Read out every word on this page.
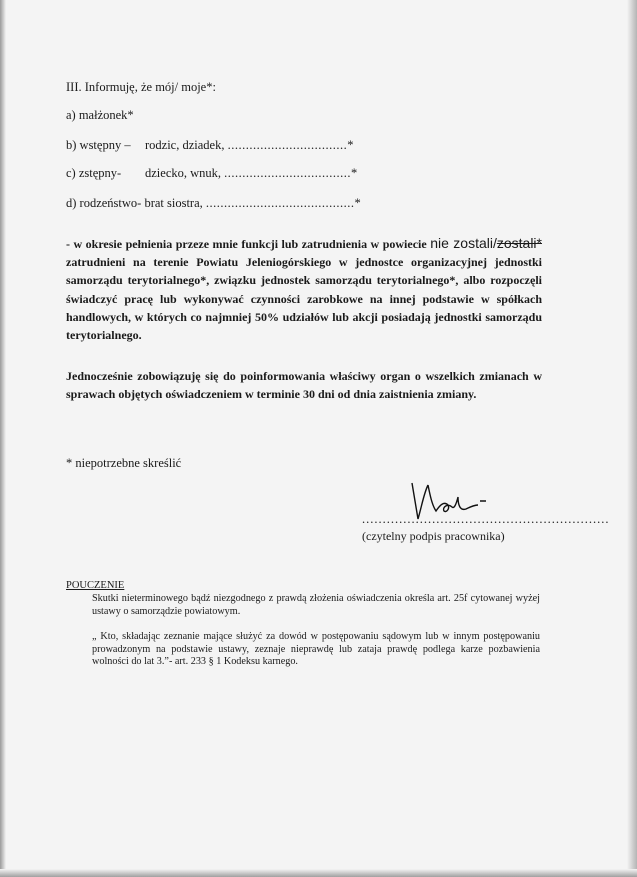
III. Informuję, że mój/ moje*:
a) małżonek*
b) wstępny – rodzic, dziadek, .................................*
c) zstępny- dziecko, wnuk, ...................................*
d) rodzeństwo- brat siostra, .........................................*
- w okresie pełnienia przeze mnie funkcji lub zatrudnienia w powiecie nie zostali/zostali* zatrudnieni na terenie Powiatu Jeleniogórskiego w jednostce organizacyjnej jednostki samorządu terytorialnego*, związku jednostek samorządu terytorialnego*, albo rozpoczęli świadczyć pracę lub wykonywać czynności zarobkowe na innej podstawie w spółkach handlowych, w których co najmniej 50% udziałów lub akcji posiadają jednostki samorządu terytorialnego.
Jednocześnie zobowiązuję się do poinformowania właściwy organ o wszelkich zmianach w sprawach objętych oświadczeniem w terminie 30 dni od dnia zaistnienia zmiany.
* niepotrzebne skreślić
............................................................
(czytelny podpis pracownika)
POUCZENIE
Skutki nieterminowego bądź niezgodnego z prawdą złożenia oświadczenia określa art. 25f cytowanej wyżej ustawy o samorządzie powiatowym.
„ Kto, składając zeznanie mające służyć za dowód w postępowaniu sądowym lub w innym postępowaniu prowadzonym na podstawie ustawy, zeznaje nieprawdę lub zataja prawdę podlega karze pozbawienia wolności do lat 3.”- art. 233 § 1 Kodeksu karnego.
